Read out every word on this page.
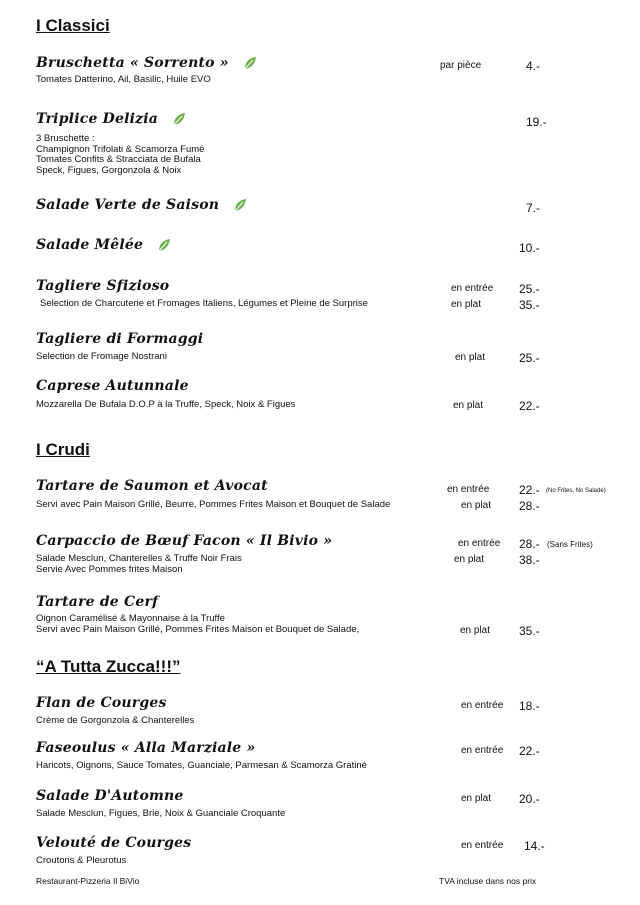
I Classici
Bruschetta « Sorrento »
Tomates Datterino, Ail, Basilic, Huile EVO
par pièce	4.-
Triplice Delizia
3 Bruschette :
Champignon Trifolati & Scamorza Fumé
Tomates Confits & Stracciata de Bufala
Speck, Figues, Gorgonzola & Noix
19.-
Salade Verte de Saison	7.-
Salade Mêlée	10.-
Tagliere Sfizioso
Selection de Charcuterie et Fromages Italiens, Légumes et Pleine de Surprise
en entrée 25.-
en plat	35.-
Tagliere di Formaggi
Selection de Fromage Nostrani	en plat	25.-
Caprese Autunnale
Mozzarella De Bufala D.O.P à la Truffe, Speck, Noix & Figues	en plat	22.-
I Crudi
Tartare de Saumon et Avocat
Servi avec Pain Maison Grillé, Beurre, Pommes Frites Maison et Bouquet de Salade
en entrée 22.- (No Frites, No Salade)
en plat 28.-
Carpaccio de Bœuf Facon « Il Bivio »
Salade Mesclun, Chanterelles & Truffe Noir Frais
Servie Avec Pommes frites Maison
en entrée 28.- (Sans Frites)
en plat	38.-
Tartare de Cerf
Oignon Caramélisé & Mayonnaise à la Truffe
Servi avec Pain Maison Grillé, Pommes Frites Maison et Bouquet de Salade,	en plat 35.-
“A Tutta Zucca!!!”
Flan de Courges
Crème de Gorgonzola & Chanterelles
en entrée 18.-
Faseoulus « Alla Marziale »
Haricots, Oignons, Sauce Tomates, Guanciale, Parmesan & Scamorza Gratiné
en entrée 22.-
Salade D'Automne
Salade Mesclun, Figues, Brie, Noix & Guanciale Croquante
en plat 20.-
Velouté de Courges
Croutons & Pleurotus
en entrée 14.-
Restaurant-Pizzeria Il BiVio	TVA incluse dans nos prix
